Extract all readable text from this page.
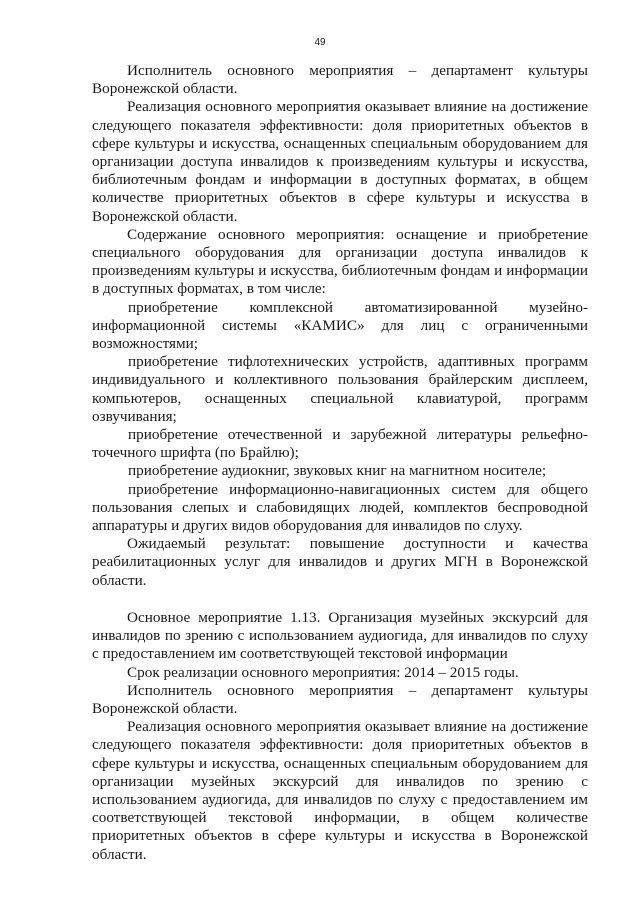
49

Исполнитель основного мероприятия – департамент культуры Воронежской области.

Реализация основного мероприятия оказывает влияние на достижение следующего показателя эффективности: доля приоритетных объектов в сфере культуры и искусства, оснащенных специальным оборудованием для организации доступа инвалидов к произведениям культуры и искусства, библиотечным фондам и информации в доступных форматах, в общем количестве приоритетных объектов в сфере культуры и искусства в Воронежской области.

Содержание основного мероприятия: оснащение и приобретение специального оборудования для организации доступа инвалидов к произведениям культуры и искусства, библиотечным фондам и информации в доступных форматах, в том числе:

приобретение комплексной автоматизированной музейно-информационной системы «КАМИС» для лиц с ограниченными возможностями;

приобретение тифлотехнических устройств, адаптивных программ индивидуального и коллективного пользования брайлерским дисплеем, компьютеров, оснащенных специальной клавиатурой, программ озвучивания;

приобретение отечественной и зарубежной литературы рельефно-точечного шрифта (по Брайлю);

приобретение аудиокниг, звуковых книг на магнитном носителе;

приобретение информационно-навигационных систем для общего пользования слепых и слабовидящих людей, комплектов беспроводной аппаратуры и других видов оборудования для инвалидов по слуху.

Ожидаемый результат: повышение доступности и качества реабилитационных услуг для инвалидов и других МГН в Воронежской области.

Основное мероприятие 1.13. Организация музейных экскурсий для инвалидов по зрению с использованием аудиогида, для инвалидов по слуху с предоставлением им соответствующей текстовой информации

Срок реализации основного мероприятия: 2014 – 2015 годы.

Исполнитель основного мероприятия – департамент культуры Воронежской области.

Реализация основного мероприятия оказывает влияние на достижение следующего показателя эффективности: доля приоритетных объектов в сфере культуры и искусства, оснащенных специальным оборудованием для организации музейных экскурсий для инвалидов по зрению с использованием аудиогида, для инвалидов по слуху с предоставлением им соответствующей текстовой информации, в общем количестве приоритетных объектов в сфере культуры и искусства в Воронежской области.
